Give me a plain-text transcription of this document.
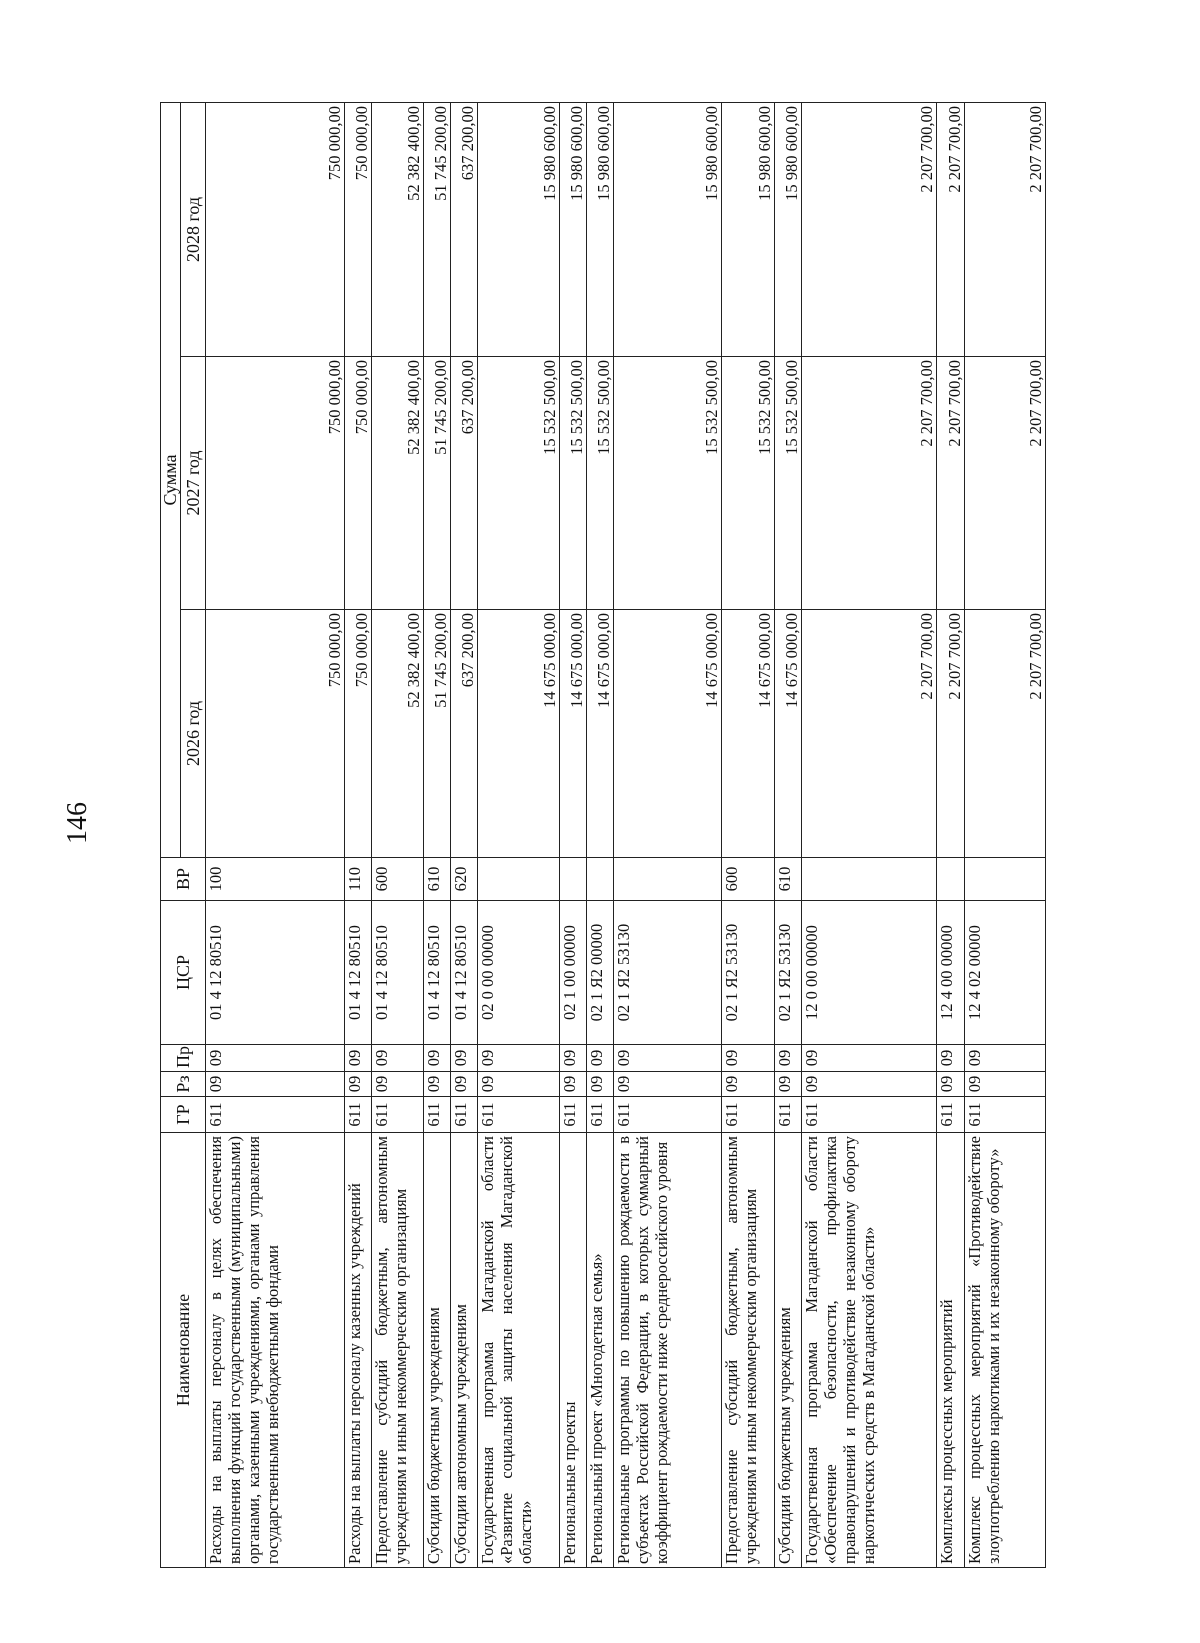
146
Наименование	ГР	Рз	Пр	ЦСР	ВР	Сумма		
						2026 год	2027 год	2028 год
Расходы на выплаты персоналу в целях обеспечения выполнения функций государственными (муниципальными) органами, казенными учреждениями, органами управления государственными внебюджетными фондами	611	09	09	01 4 12 80510	100	750 000,00	750 000,00	750 000,00
Расходы на выплаты персоналу казенных учреждений	611	09	09	01 4 12 80510	110	750 000,00	750 000,00	750 000,00
Предоставление субсидий бюджетным, автономным учреждениям и иным некоммерческим организациям	611	09	09	01 4 12 80510	600	52 382 400,00	52 382 400,00	52 382 400,00
Субсидии бюджетным учреждениям	611	09	09	01 4 12 80510	610	51 745 200,00	51 745 200,00	51 745 200,00
Субсидии автономным учреждениям	611	09	09	01 4 12 80510	620	637 200,00	637 200,00	637 200,00
Государственная программа Магаданской области «Развитие социальной защиты населения Магаданской области»	611	09	09	02 0 00 00000		14 675 000,00	15 532 500,00	15 980 600,00
Региональные проекты	611	09	09	02 1 00 00000		14 675 000,00	15 532 500,00	15 980 600,00
Региональный проект «Многодетная семья»	611	09	09	02 1 Я2 00000		14 675 000,00	15 532 500,00	15 980 600,00
Региональные программы по повышению рождаемости в субъектах Российской Федерации, в которых суммарный коэффициент рождаемости ниже среднероссийского уровня	611	09	09	02 1 Я2 53130		14 675 000,00	15 532 500,00	15 980 600,00
Предоставление субсидий бюджетным, автономным учреждениям и иным некоммерческим организациям	611	09	09	02 1 Я2 53130	600	14 675 000,00	15 532 500,00	15 980 600,00
Субсидии бюджетным учреждениям	611	09	09	02 1 Я2 53130	610	14 675 000,00	15 532 500,00	15 980 600,00
Государственная программа Магаданской области «Обеспечение безопасности, профилактика правонарушений и противодействие незаконному обороту наркотических средств в Магаданской области»	611	09	09	12 0 00 00000		2 207 700,00	2 207 700,00	2 207 700,00
Комплексы процессных мероприятий	611	09	09	12 4 00 00000		2 207 700,00	2 207 700,00	2 207 700,00
Комплекс процессных мероприятий «Противодействие злоупотреблению наркотиками и их незаконному обороту»	611	09	09	12 4 02 00000		2 207 700,00	2 207 700,00	2 207 700,00
